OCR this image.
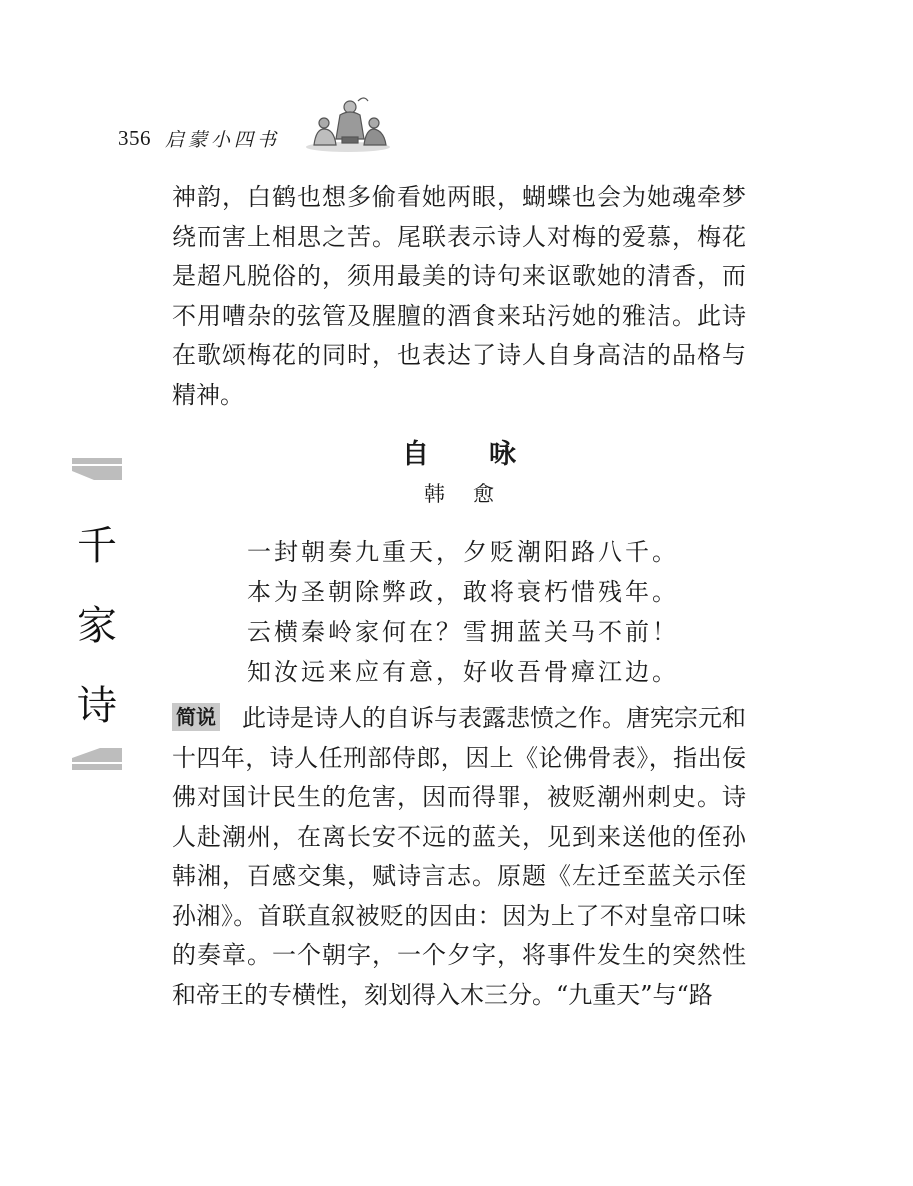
356 启蒙小四书

神韵，白鹤也想多偷看她两眼，蝴蝶也会为她魂牵梦绕而害上相思之苦。尾联表示诗人对梅的爱慕，梅花是超凡脱俗的，须用最美的诗句来讴歌她的清香，而不用嘈杂的弦管及腥膻的酒食来玷污她的雅洁。此诗在歌颂梅花的同时，也表达了诗人自身高洁的品格与精神。

自咏
韩愈
一封朝奏九重天，夕贬潮阳路八千。
本为圣朝除弊政，敢将衰朽惜残年。
云横秦岭家何在？雪拥蓝关马不前！
知汝远来应有意，好收吾骨瘴江边。

简说 此诗是诗人的自诉与表露悲愤之作。唐宪宗元和十四年，诗人任刑部侍郎，因上《论佛骨表》，指出佞佛对国计民生的危害，因而得罪，被贬潮州刺史。诗人赴潮州，在离长安不远的蓝关，见到来送他的侄孙韩湘，百感交集，赋诗言志。原题《左迁至蓝关示侄孙湘》。首联直叙被贬的因由：因为上了不对皇帝口味的奏章。一个朝字，一个夕字，将事件发生的突然性和帝王的专横性，刻划得入木三分。“九重天”与“路

千
家
诗
